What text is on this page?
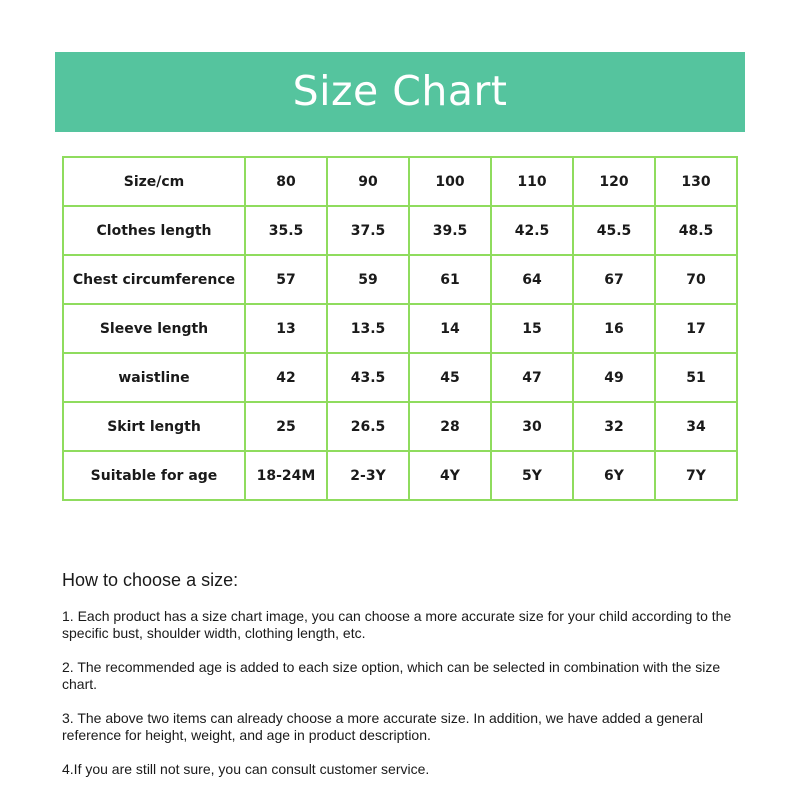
Size Chart
Size/cm	80	90	100	110	120	130
Clothes length	35.5	37.5	39.5	42.5	45.5	48.5
Chest circumference	57	59	61	64	67	70
Sleeve length	13	13.5	14	15	16	17
waistline	42	43.5	45	47	49	51
Skirt length	25	26.5	28	30	32	34
Suitable for age	18-24M	2-3Y	4Y	5Y	6Y	7Y

How to choose a size:

1. Each product has a size chart image, you can choose a more accurate size for your child according to the specific bust, shoulder width, clothing length, etc.

2. The recommended age is added to each size option, which can be selected in combination with the size chart.

3. The above two items can already choose a more accurate size. In addition, we have added a general reference for height, weight, and age in product description.

4.If you are still not sure, you can consult customer service.
